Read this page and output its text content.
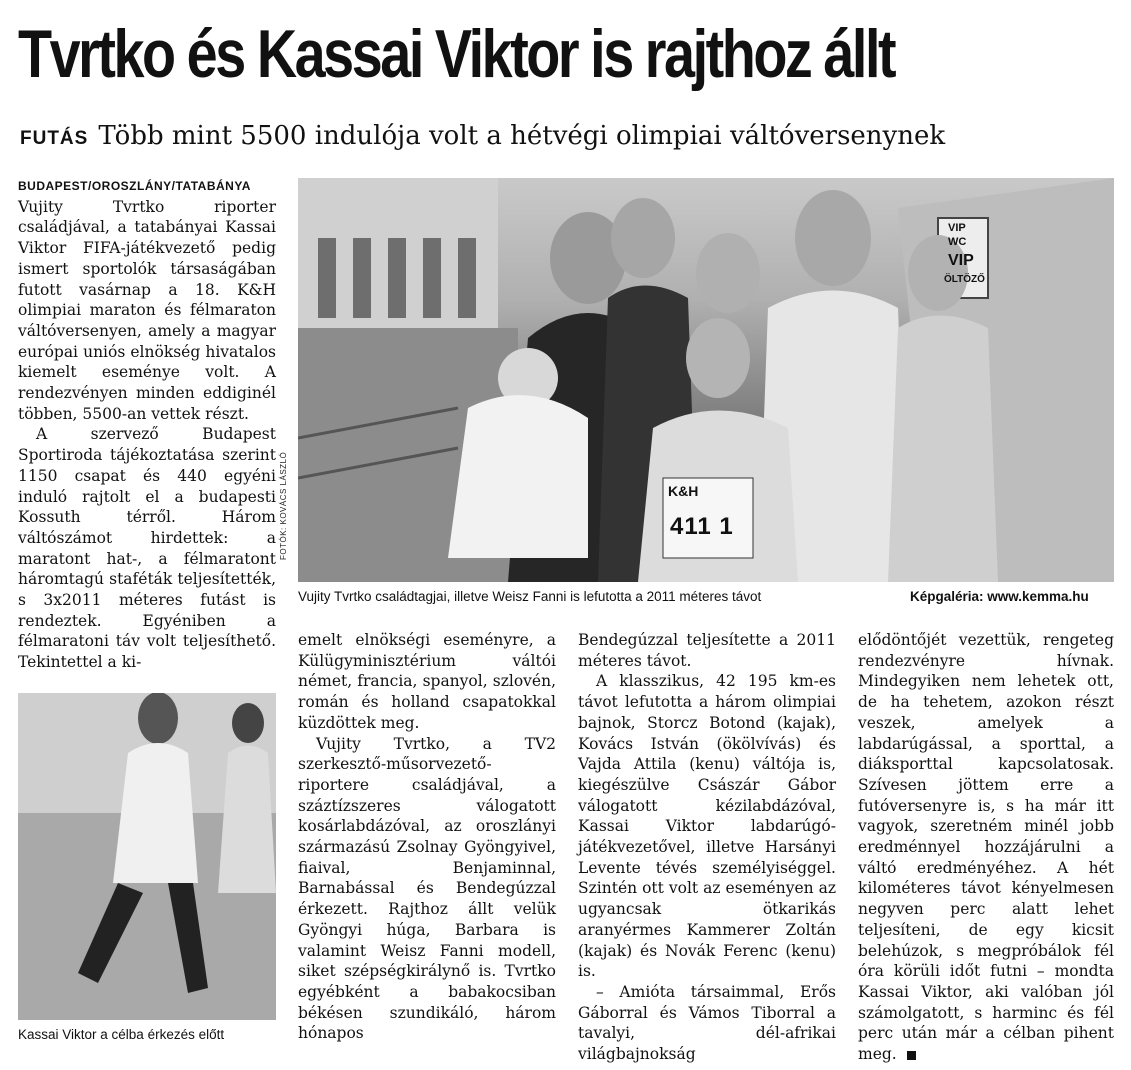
Tvrtko és Kassai Viktor is rajthoz állt
FUTÁS Több mint 5500 indulója volt a hétvégi olimpiai váltóversenynek

BUDAPEST/OROSZLÁNY/TATABÁNYA Vujity Tvrtko riporter családjával, a tatabányai Kassai Viktor FIFA-játékvezető pedig ismert sportolók társaságában futott vasárnap a 18. K&H olimpiai maraton és félmaraton váltóversenyen, amely a magyar európai uniós elnökség hivatalos kiemelt eseménye volt. A rendezvényen minden eddiginél többen, 5500-an vettek részt.

A szervező Budapest Sportiroda tájékoztatása szerint 1150 csapat és 440 egyéni induló rajtolt el a budapesti Kossuth térről. Három váltószámot hirdettek: a maratont hat-, a félmaratont háromtagú staféták teljesítették, s 3x2011 méteres futást is rendeztek. Egyéniben a félmaratoni táv volt teljesíthető. Tekintettel a ki-

K&H
411 1
VIP
WC
VIP
ÖLTÖZŐ
FOTÓK: KOVÁCS LÁSZLÓ
Vujity Tvrtko családtagjai, illetve Weisz Fanni is lefutotta a 2011 méteres távot	Képgaléria: www.kemma.hu
Kassai Viktor a célba érkezés előtt

emelt elnökségi eseményre, a Külügyminisztérium váltói német, francia, spanyol, szlovén, román és holland csapatokkal küzdöttek meg.

Vujity Tvrtko, a TV2 szerkesztő-műsorvezető-riportere családjával, a száztízszeres válogatott kosárlabdázóval, az oroszlányi származású Zsolnay Gyöngyivel, fiaival, Benjaminnal, Barnabással és Bendegúzzal érkezett. Rajthoz állt velük Gyöngyi húga, Barbara is valamint Weisz Fanni modell, siket szépségkirálynő is. Tvrtko egyébként a babakocsiban békésen szundikáló, három hónapos

Bendegúzzal teljesítette a 2011 méteres távot.

A klasszikus, 42 195 km-es távot lefutotta a három olimpiai bajnok, Storcz Botond (kajak), Kovács István (ökölvívás) és Vajda Attila (kenu) váltója is, kiegészülve Császár Gábor válogatott kézilabdázóval, Kassai Viktor labdarúgó-játékvezetővel, illetve Harsányi Levente tévés személyiséggel. Szintén ott volt az eseményen az ugyancsak ötkarikás aranyérmes Kammerer Zoltán (kajak) és Novák Ferenc (kenu) is.

– Amióta társaimmal, Erős Gáborral és Vámos Tiborral a tavalyi, dél-afrikai világbajnokság

elődöntőjét vezettük, rengeteg rendezvényre hívnak. Mindegyiken nem lehetek ott, de ha tehetem, azokon részt veszek, amelyek a labdarúgással, a sporttal, a diáksporttal kapcsolatosak. Szívesen jöttem erre a futóversenyre is, s ha már itt vagyok, szeretném minél jobb eredménnyel hozzájárulni a váltó eredményéhez. A hét kilométeres távot kényelmesen negyven perc alatt lehet teljesíteni, de egy kicsit belehúzok, s megpróbálok fél óra körüli időt futni – mondta Kassai Viktor, aki valóban jól számolgatott, s harminc és fél perc után már a célban pihent meg.
